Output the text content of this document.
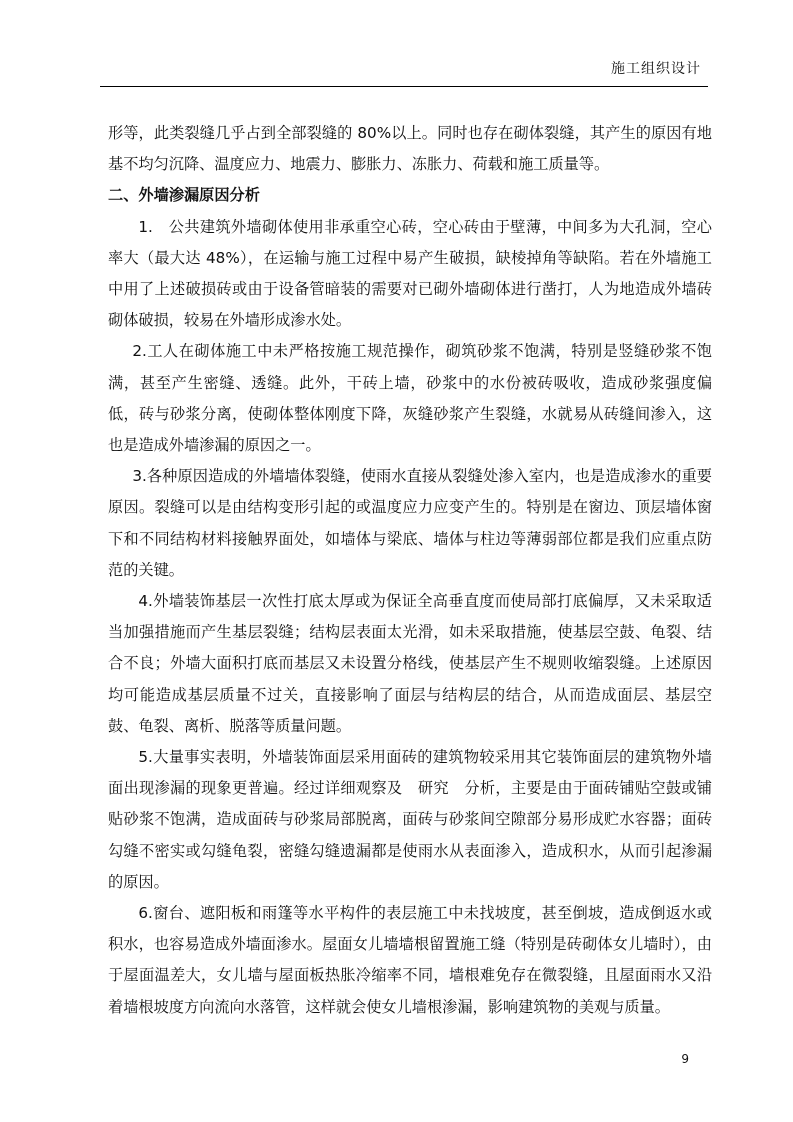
施工组织设计

形等，此类裂缝几乎占到全部裂缝的 80%以上。同时也存在砌体裂缝，其产生的原因有地基不均匀沉降、温度应力、地震力、膨胀力、冻胀力、荷载和施工质量等。

二、外墙渗漏原因分析

1.　公共建筑外墙砌体使用非承重空心砖，空心砖由于壁薄，中间多为大孔洞，空心率大（最大达 48%），在运输与施工过程中易产生破损，缺棱掉角等缺陷。若在外墙施工中用了上述破损砖或由于设备管暗装的需要对已砌外墙砌体进行凿打，人为地造成外墙砖砌体破损，较易在外墙形成渗水处。

2.工人在砌体施工中未严格按施工规范操作，砌筑砂浆不饱满，特别是竖缝砂浆不饱满，甚至产生密缝、透缝。此外，干砖上墙，砂浆中的水份被砖吸收，造成砂浆强度偏低，砖与砂浆分离，使砌体整体刚度下降，灰缝砂浆产生裂缝，水就易从砖缝间渗入，这也是造成外墙渗漏的原因之一。

3.各种原因造成的外墙墙体裂缝，使雨水直接从裂缝处渗入室内，也是造成渗水的重要原因。裂缝可以是由结构变形引起的或温度应力应变产生的。特别是在窗边、顶层墙体窗下和不同结构材料接触界面处，如墙体与梁底、墙体与柱边等薄弱部位都是我们应重点防范的关键。

4.外墙装饰基层一次性打底太厚或为保证全高垂直度而使局部打底偏厚，又未采取适当加强措施而产生基层裂缝；结构层表面太光滑，如未采取措施，使基层空鼓、龟裂、结合不良；外墙大面积打底而基层又未设置分格线，使基层产生不规则收缩裂缝。上述原因均可能造成基层质量不过关，直接影响了面层与结构层的结合，从而造成面层、基层空鼓、龟裂、离析、脱落等质量问题。

5.大量事实表明，外墙装饰面层采用面砖的建筑物较采用其它装饰面层的建筑物外墙面出现渗漏的现象更普遍。经过详细观察及　研究　分析，主要是由于面砖铺贴空鼓或铺贴砂浆不饱满，造成面砖与砂浆局部脱离，面砖与砂浆间空隙部分易形成贮水容器；面砖勾缝不密实或勾缝龟裂，密缝勾缝遗漏都是使雨水从表面渗入，造成积水，从而引起渗漏的原因。

6.窗台、遮阳板和雨篷等水平构件的表层施工中未找坡度，甚至倒坡，造成倒返水或积水，也容易造成外墙面渗水。屋面女儿墙墙根留置施工缝（特别是砖砌体女儿墙时），由于屋面温差大，女儿墙与屋面板热胀冷缩率不同，墙根难免存在微裂缝，且屋面雨水又沿着墙根坡度方向流向水落管，这样就会使女儿墙根渗漏，影响建筑物的美观与质量。

9
